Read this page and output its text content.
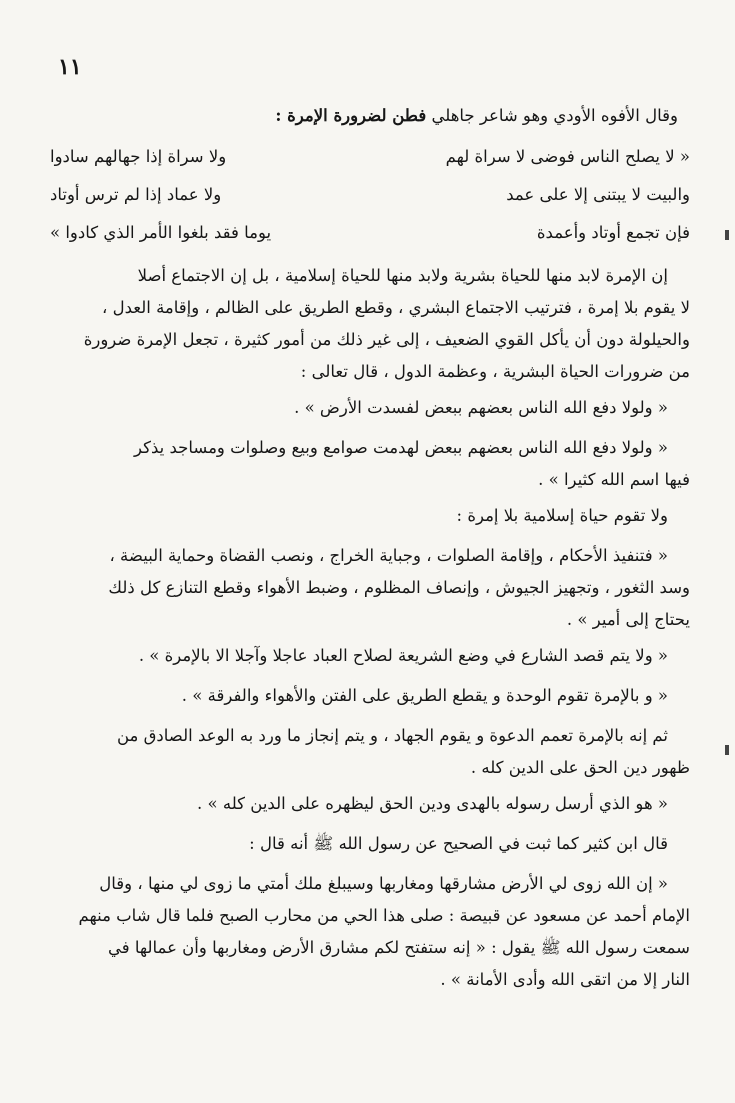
١١

وقال الأفوه الأودي وهو شاعر جاهلي فطن لضرورة الإمرة :

« لا يصلح الناس فوضى لا سراة لهم
ولا سراة إذا جهالهم سادوا
والبيت لا يبتنى إلا على عمد
ولا عماد إذا لم ترس أوتاد
فإن تجمع أوتاد وأعمدة
يوما فقد بلغوا الأمر الذي كادوا »

إن الإمرة لابد منها للحياة بشرية ولابد منها للحياة إسلامية ، بل إن الاجتماع أصلا
لا يقوم بلا إمرة ، فترتيب الاجتماع البشري ، وقطع الطريق على الظالم ، وإقامة العدل ،
والحيلولة دون أن يأكل القوي الضعيف ، إلى غير ذلك من أمور كثيرة ، تجعل الإمرة ضرورة
من ضرورات الحياة البشرية ، وعظمة الدول ، قال تعالى :

« ولولا دفع الله الناس بعضهم ببعض لفسدت الأرض » .

« ولولا دفع الله الناس بعضهم ببعض لهدمت صوامع وبيع وصلوات ومساجد يذكر
فيها اسم الله كثيرا » .

ولا تقوم حياة إسلامية بلا إمرة :

« فتنفيذ الأحكام ، وإقامة الصلوات ، وجباية الخراج ، ونصب القضاة وحماية البيضة ،
وسد الثغور ، وتجهيز الجيوش ، وإنصاف المظلوم ، وضبط الأهواء وقطع التنازع كل ذلك
يحتاج إلى أمير » .

« ولا يتم قصد الشارع في وضع الشريعة لصلاح العباد عاجلا وآجلا الا بالإمرة » .

« و بالإمرة تقوم الوحدة و يقطع الطريق على الفتن والأهواء والفرقة » .

ثم إنه بالإمرة تعمم الدعوة و يقوم الجهاد ، و يتم إنجاز ما ورد به الوعد الصادق من
ظهور دين الحق على الدين كله .

« هو الذي أرسل رسوله بالهدى ودين الحق ليظهره على الدين كله » .

قال ابن كثير كما ثبت في الصحيح عن رسول الله ﷺ أنه قال :

« إن الله زوى لي الأرض مشارقها ومغاربها وسيبلغ ملك أمتي ما زوى لي منها ، وقال
الإمام أحمد عن مسعود عن قبيصة : صلى هذا الحي من محارب الصبح فلما قال شاب منهم
سمعت رسول الله ﷺ يقول : « إنه ستفتح لكم مشارق الأرض ومغاربها وأن عمالها في
النار إلا من اتقى الله وأدى الأمانة » .
